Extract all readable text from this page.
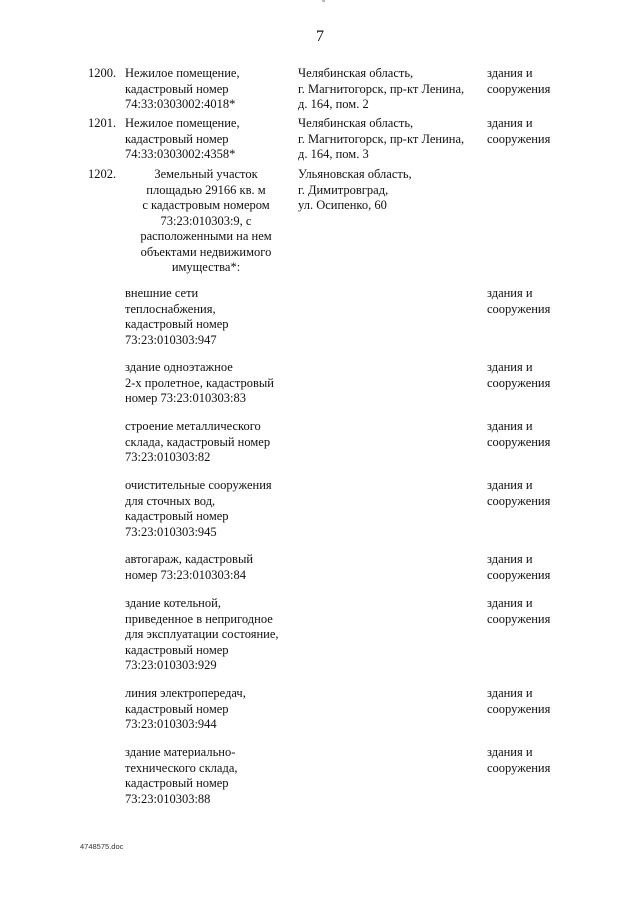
7
1200. Нежилое помещение,
кадастровый номер
74:33:0303002:4018*
Челябинская область,
г. Магнитогорск, пр-кт Ленина,
д. 164, пом. 2
здания и
сооружения
1201. Нежилое помещение,
кадастровый номер
74:33:0303002:4358*
Челябинская область,
г. Магнитогорск, пр-кт Ленина,
д. 164, пом. 3
здания и
сооружения
1202.	Земельный участок
площадью 29166 кв. м
с кадастровым номером
73:23:010303:9, с
расположенными на нем
объектами недвижимого
имущества*:
Ульяновская область,
г. Димитровград,
ул. Осипенко, 60
внешние сети
теплоснабжения,
кадастровый номер
73:23:010303:947
здания и
сооружения
здание одноэтажное
2-х пролетное, кадастровый
номер 73:23:010303:83
здания и
сооружения
строение металлического
склада, кадастровый номер
73:23:010303:82
здания и
сооружения
очистительные сооружения
для сточных вод,
кадастровый номер
73:23:010303:945
здания и
сооружения
автогараж, кадастровый
номер 73:23:010303:84
здания и
сооружения
здание котельной,
приведенное в непригодное
для эксплуатации состояние,
кадастровый номер
73:23:010303:929
здания и
сооружения
линия электропередач,
кадастровый номер
73:23:010303:944
здания и
сооружения
здание материально-
технического склада,
кадастровый номер
73:23:010303:88
здания и
сооружения
4748575.doc
